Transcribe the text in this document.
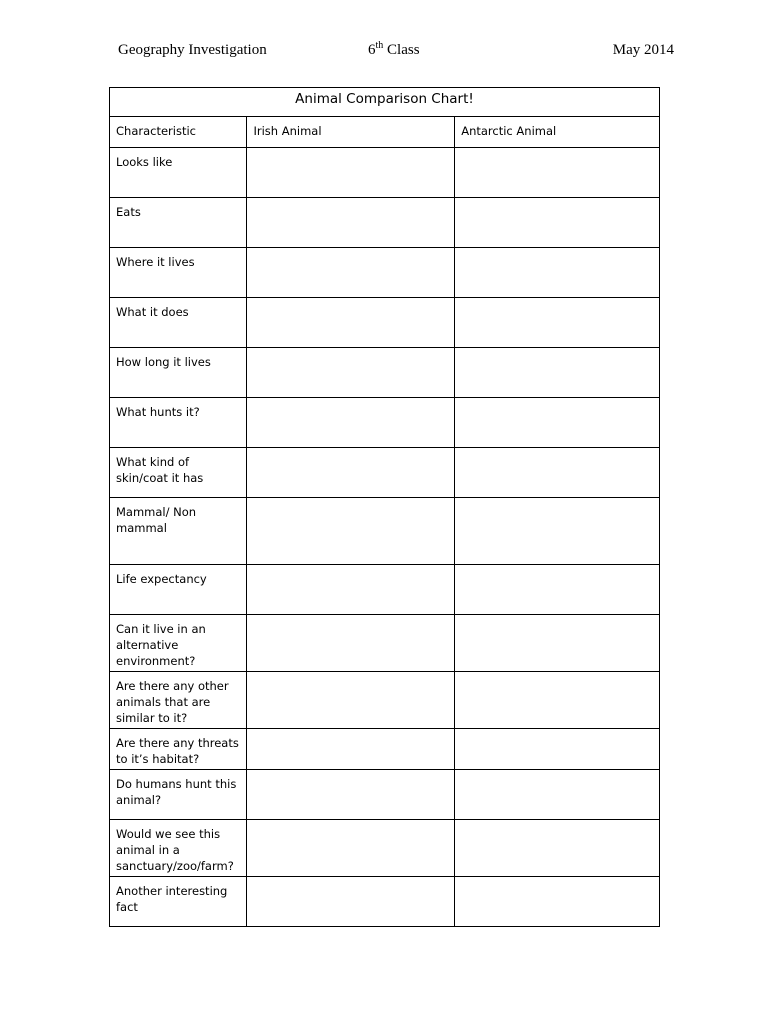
Geography Investigation	6th Class	May 2014
Animal Comparison Chart!		
Characteristic	Irish Animal	Antarctic Animal
Looks like		
Eats		
Where it lives		
What it does		
How long it lives		
What hunts it?		
What kind of skin/coat it has		
Mammal/ Non mammal		
Life expectancy		
Can it live in an alternative environment?		
Are there any other animals that are similar to it?		
Are there any threats to it’s habitat?		
Do humans hunt this animal?		
Would we see this animal in a sanctuary/zoo/farm?		
Another interesting fact		
